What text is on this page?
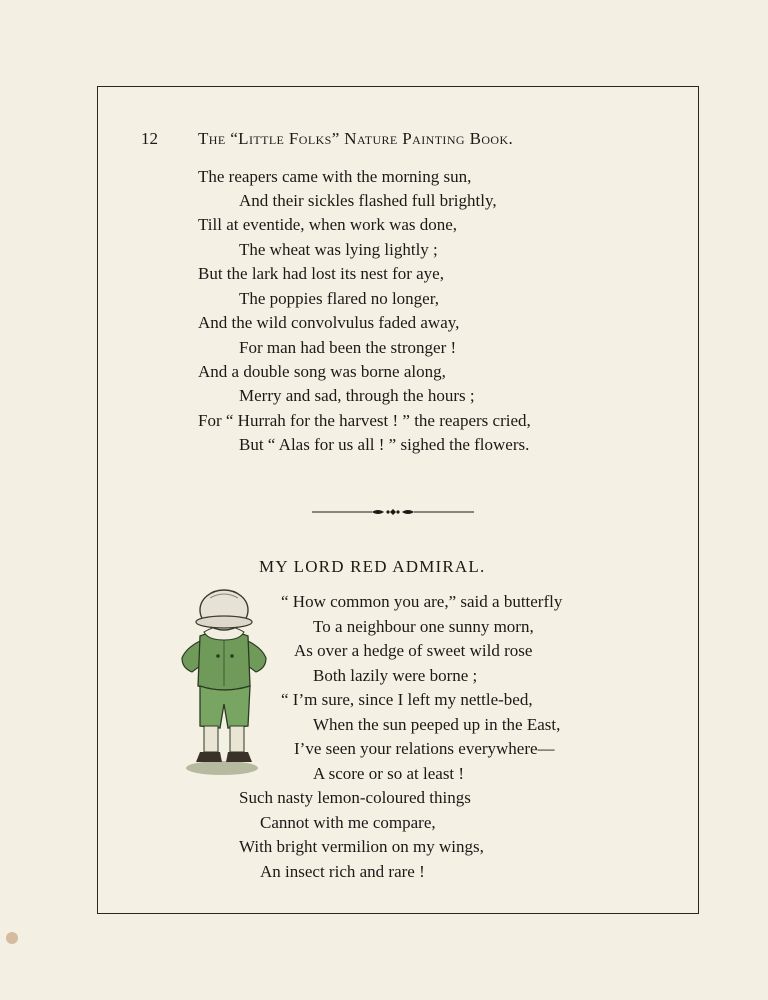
12 The “Little Folks” Nature Painting Book.
The reapers came with the morning sun,
And their sickles flashed full brightly,
Till at eventide, when work was done,
The wheat was lying lightly ;
But the lark had lost its nest for aye,
The poppies flared no longer,
And the wild convolvulus faded away,
For man had been the stronger !
And a double song was borne along,
Merry and sad, through the hours ;
For “ Hurrah for the harvest ! ” the reapers cried,
But “ Alas for us all ! ” sighed the flowers.
MY LORD RED ADMIRAL.
“ How common you are,” said a butterfly
To a neighbour one sunny morn,
As over a hedge of sweet wild rose
Both lazily were borne ;
“ I’m sure, since I left my nettle-bed,
When the sun peeped up in the East,
I’ve seen your relations everywhere—
A score or so at least !
Such nasty lemon-coloured things
Cannot with me compare,
With bright vermilion on my wings,
An insect rich and rare !
